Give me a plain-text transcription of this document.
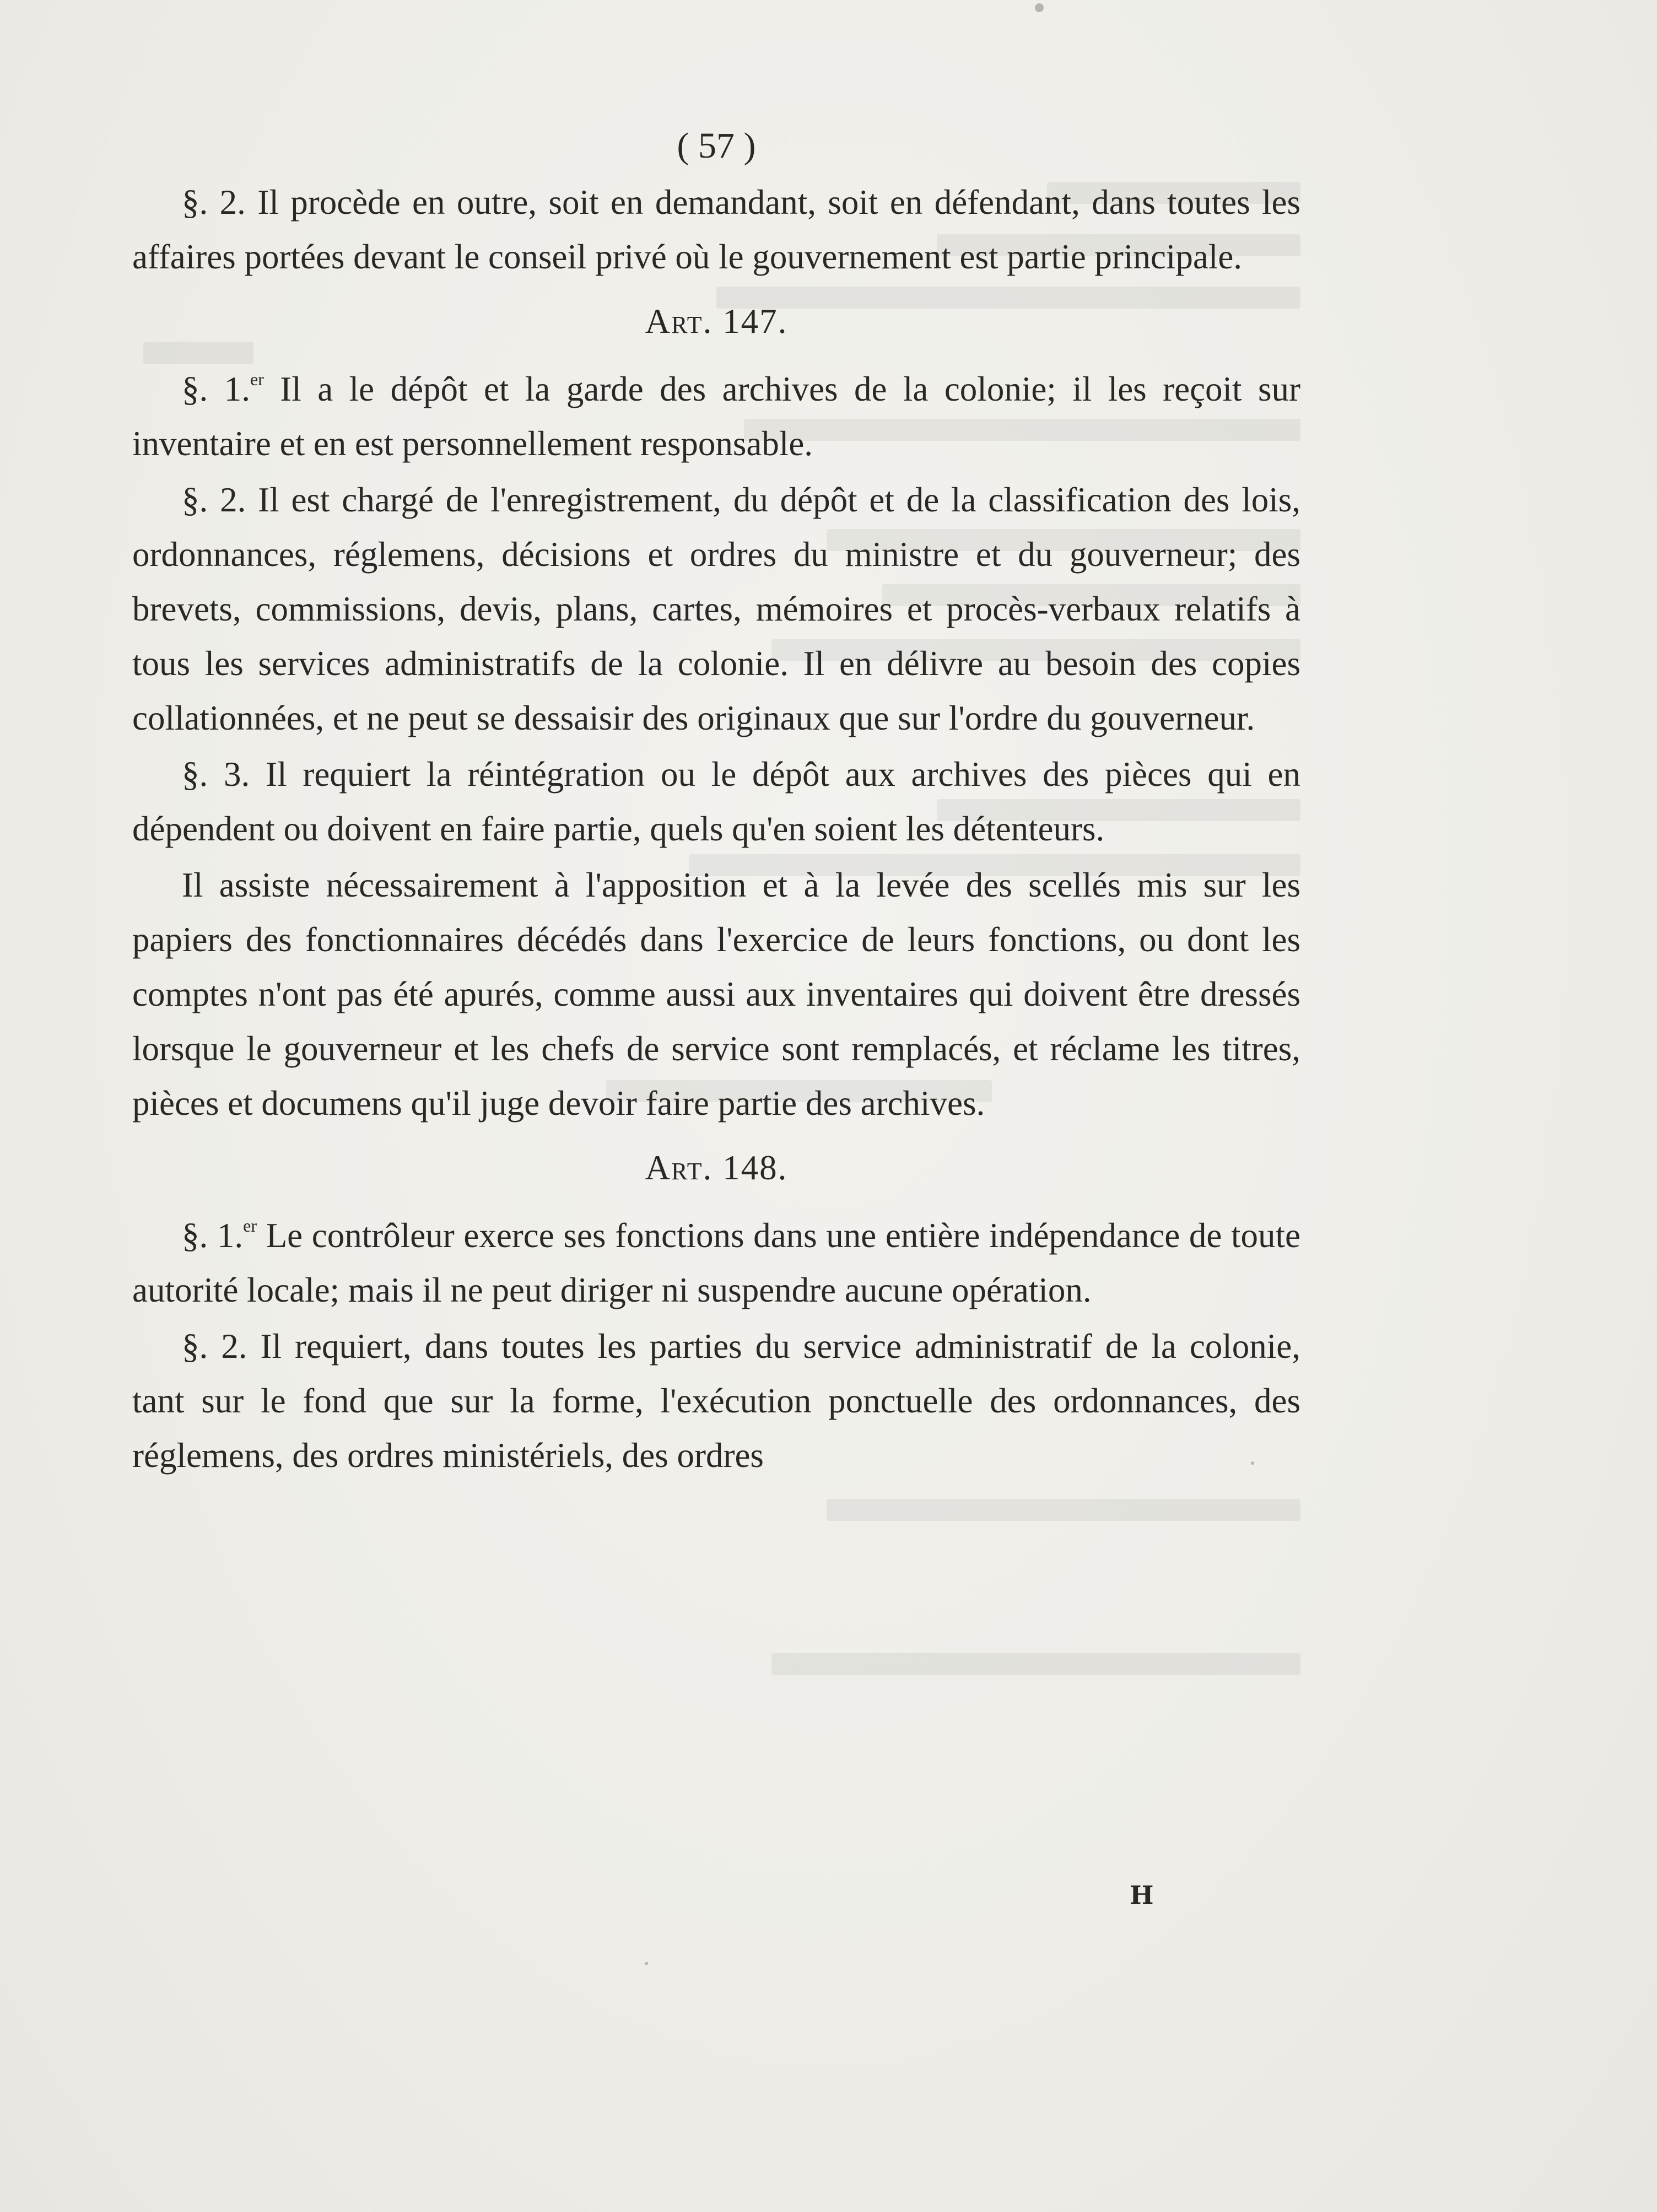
( 57 )

§. 2. Il procède en outre, soit en demandant, soit en défendant, dans toutes les affaires portées devant le conseil privé où le gouvernement est partie principale.

Art. 147.

§. 1.$^{er}$ Il a le dépôt et la garde des archives de la colonie; il les reçoit sur inventaire et en est personnellement responsable.

§. 2. Il est chargé de l'enregistrement, du dépôt et de la classification des lois, ordonnances, réglemens, décisions et ordres du ministre et du gouverneur; des brevets, commissions, devis, plans, cartes, mémoires et procès-verbaux relatifs à tous les services administratifs de la colonie. Il en délivre au besoin des copies collationnées, et ne peut se dessaisir des originaux que sur l'ordre du gouverneur.

§. 3. Il requiert la réintégration ou le dépôt aux archives des pièces qui en dépendent ou doivent en faire partie, quels qu'en soient les détenteurs.

Il assiste nécessairement à l'apposition et à la levée des scellés mis sur les papiers des fonctionnaires décédés dans l'exercice de leurs fonctions, ou dont les comptes n'ont pas été apurés, comme aussi aux inventaires qui doivent être dressés lorsque le gouverneur et les chefs de service sont remplacés, et réclame les titres, pièces et documens qu'il juge devoir faire partie des archives.

Art. 148.

§. 1.$^{er}$ Le contrôleur exerce ses fonctions dans une entière indépendance de toute autorité locale; mais il ne peut diriger ni suspendre aucune opération.

§. 2. Il requiert, dans toutes les parties du service administratif de la colonie, tant sur le fond que sur la forme, l'exécution ponctuelle des ordonnances, des réglemens, des ordres ministériels, des ordres

H
